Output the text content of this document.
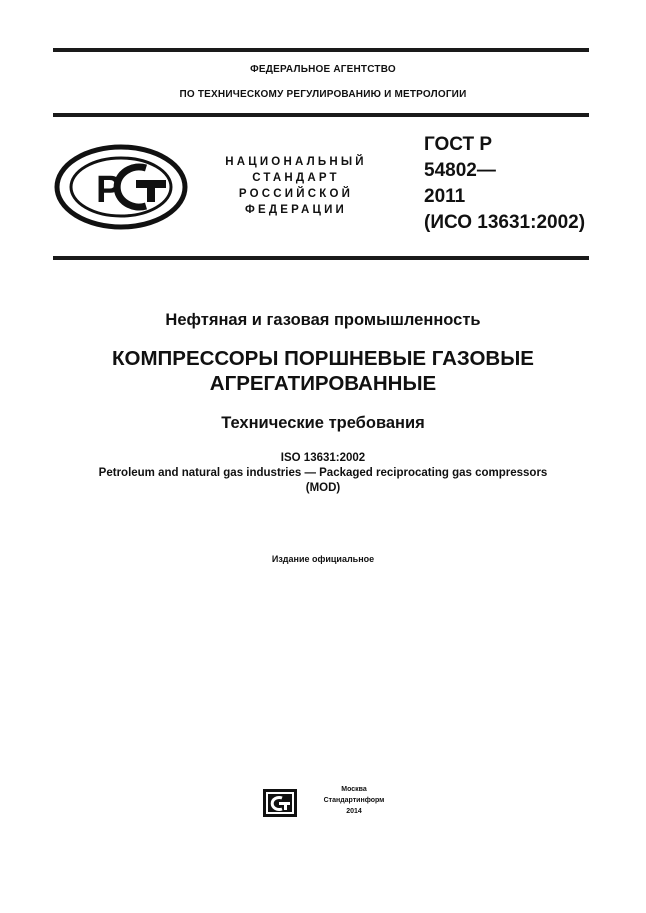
ФЕДЕРАЛЬНОЕ АГЕНТСТВО
ПО ТЕХНИЧЕСКОМУ РЕГУЛИРОВАНИЮ И МЕТРОЛОГИИ
P
НАЦИОНАЛЬНЫЙ
СТАНДАРТ
РОССИЙСКОЙ
ФЕДЕРАЦИИ
ГОСТ Р
54802—
2011
(ИСО 13631:2002)
Нефтяная и газовая промышленность
КОМПРЕССОРЫ ПОРШНЕВЫЕ ГАЗОВЫЕ
АГРЕГАТИРОВАННЫЕ
Технические требования
ISO 13631:2002
Petroleum and natural gas industries — Packaged reciprocating gas compressors
(MOD)
Издание официальное
Москва
Стандартинформ
2014
